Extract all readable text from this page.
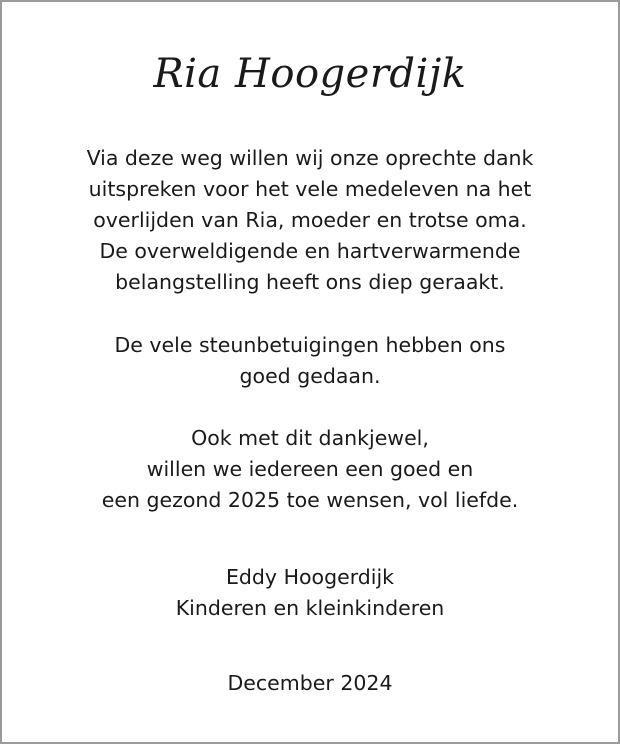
Ria Hoogerdijk
Via deze weg willen wij onze oprechte dank
uitspreken voor het vele medeleven na het
overlijden van Ria, moeder en trotse oma.
De overweldigende en hartverwarmende
belangstelling heeft ons diep geraakt.
De vele steunbetuigingen hebben ons
goed gedaan.
Ook met dit dankjewel,
willen we iedereen een goed en
een gezond 2025 toe wensen, vol liefde.
Eddy Hoogerdijk
Kinderen en kleinkinderen
December 2024
